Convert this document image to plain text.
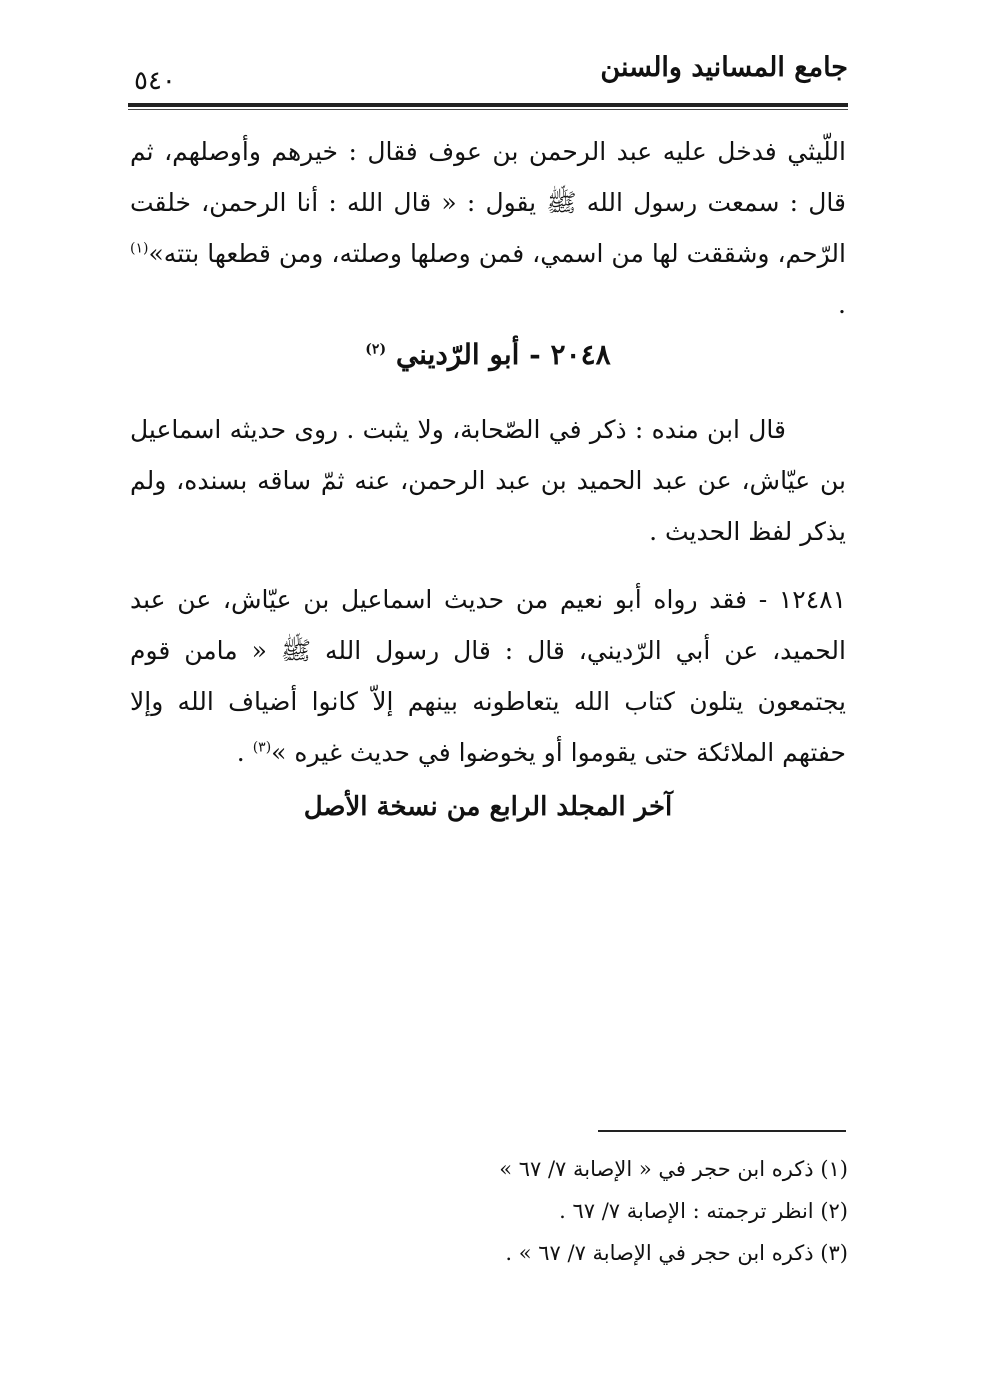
جامع المسانيد والسنن
٥٤٠
اللّيثي فدخل عليه عبد الرحمن بن عوف فقال : خيرهم وأوصلهم، ثم قال : سمعت رسول الله ﷺ يقول : « قال الله : أنا الرحمن، خلقت الرّحم، وشققت لها من اسمي، فمن وصلها وصلته، ومن قطعها بتته»$^{(١)}$ .
٢٠٤٨ - أبو الرّديني $^{(٢)}$
قال ابن منده : ذكر في الصّحابة، ولا يثبت . روى حديثه اسماعيل بن عيّاش، عن عبد الحميد بن عبد الرحمن، عنه ثمّ ساقه بسنده، ولم يذكر لفظ الحديث .
١٢٤٨١ - فقد رواه أبو نعيم من حديث اسماعيل بن عيّاش، عن عبد الحميد، عن أبي الرّديني، قال : قال رسول الله ﷺ « مامن قوم يجتمعون يتلون كتاب الله يتعاطونه بينهم إلاّ كانوا أضياف الله وإلا حفتهم الملائكة حتى يقوموا أو يخوضوا في حديث غيره »$^{(٣)}$ .
آخر المجلد الرابع من نسخة الأصل
(١) ذكره ابن حجر في « الإصابة ٧/ ٦٧ »
(٢) انظر ترجمته : الإصابة ٧/ ٦٧ .
(٣) ذكره ابن حجر في الإصابة ٧/ ٦٧ » .
